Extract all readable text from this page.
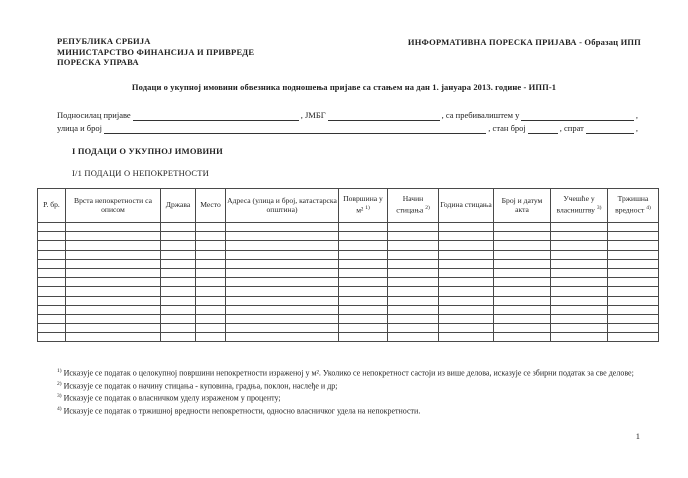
РЕПУБЛИКА СРБИЈА
МИНИСТАРСТВО ФИНАНСИЈА И ПРИВРЕДЕ
ПОРЕСКА УПРАВА
ИНФОРМАТИВНА ПОРЕСКА ПРИЈАВА - Образац ИПП
Подаци о укупној имовини обвезника подношења пријаве са стањем на дан 1. јануара 2013. године - ИПП-1
Подносилац пријаве	, ЈМБГ	, са пребивалиштем у	,
улица и број	, стан број	, спрат	,
I ПОДАЦИ О УКУПНОЈ ИМОВИНИ
I/1 ПОДАЦИ О НЕПОКРЕТНОСТИ
Р. бр.	Врста непокретности са описом	Држава	Место	Адреса (улица и број, катастарска општина)	Површина у м² $^{1)}$	Начин стицања $^{2)}$	Година стицања	Број и датум акта	Учешће у власништву $^{3)}$	Тржишна вредност $^{4)}$

$^{1)}$ Исказује се податак о целокупној површини непокретности израженој у м². Уколико се непокретност састоји из више делова, исказује се збирни податак за све делове;
$^{2)}$ Исказује се податак о начину стицања - куповина, градња, поклон, наслеђе и др;
$^{3)}$ Исказује се податак о власничком уделу израженом у проценту;
$^{4)}$ Исказује се податак о тржишној вредности непокретности, односно власничког удела на непокретности.
1
